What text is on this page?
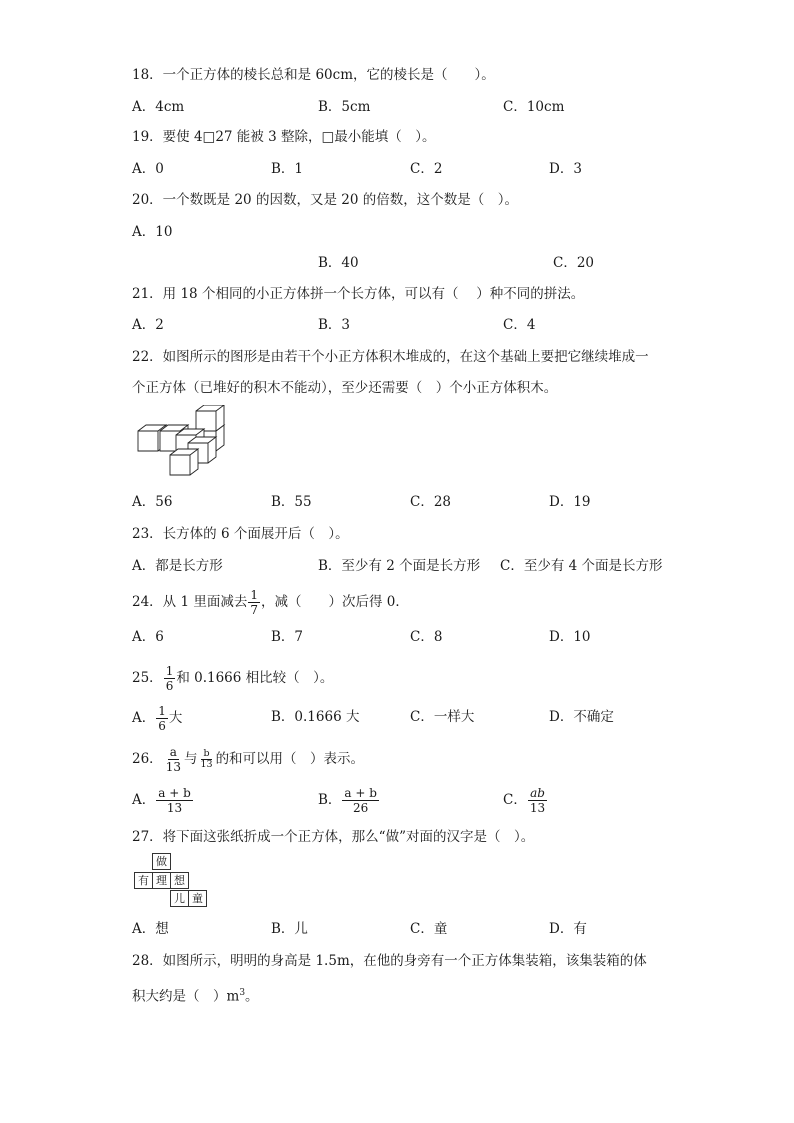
18．一个正方体的棱长总和是 60cm，它的棱长是（　　）。
A．4cm	B．5cm	C．10cm
19．要使 4□27 能被 3 整除，□最小能填（　）。
A．0	B．1	C．2	D．3
20．一个数既是 20 的因数，又是 20 的倍数，这个数是（　）。
A．10
B．40	C．20
21．用 18 个相同的小正方体拼一个长方体，可以有（　 ）种不同的拼法。
A．2	B．3	C．4
22．如图所示的图形是由若干个小正方体积木堆成的，在这个基础上要把它继续堆成一
个正方体（已堆好的积木不能动），至少还需要（　）个小正方体积木。
A．56	B．55	C．28	D．19
23．长方体的 6 个面展开后（　）。
A．都是长方形	B．至少有 2 个面是长方形 C．至少有 4 个面是长方形
24．从 1 里面减去 $\frac{1}{7}$ ，减（　　）次后得 0．
A．6	B．7	C．8	D．10
25． $\frac{1}{6}$ 和 0.1666 相比较（　）。
A． $\frac{1}{6}$ 大	B．0.1666 大	C．一样大	D．不确定
26． $\frac{a}{13}$ 与 $\frac{b}{13}$ 的和可以用（　）表示。
A． $\frac{a + b}{13}$	B． $\frac{a + b}{26}$	C． $\frac{ab}{13}$
27．将下面这张纸折成一个正方体，那么“做”对面的汉字是（　）。
做
有 理 想
儿 童
A．想	B．儿	C．童	D．有
28．如图所示，明明的身高是 1.5m，在他的身旁有一个正方体集装箱，该集装箱的体
积大约是（　）$m^3$。
